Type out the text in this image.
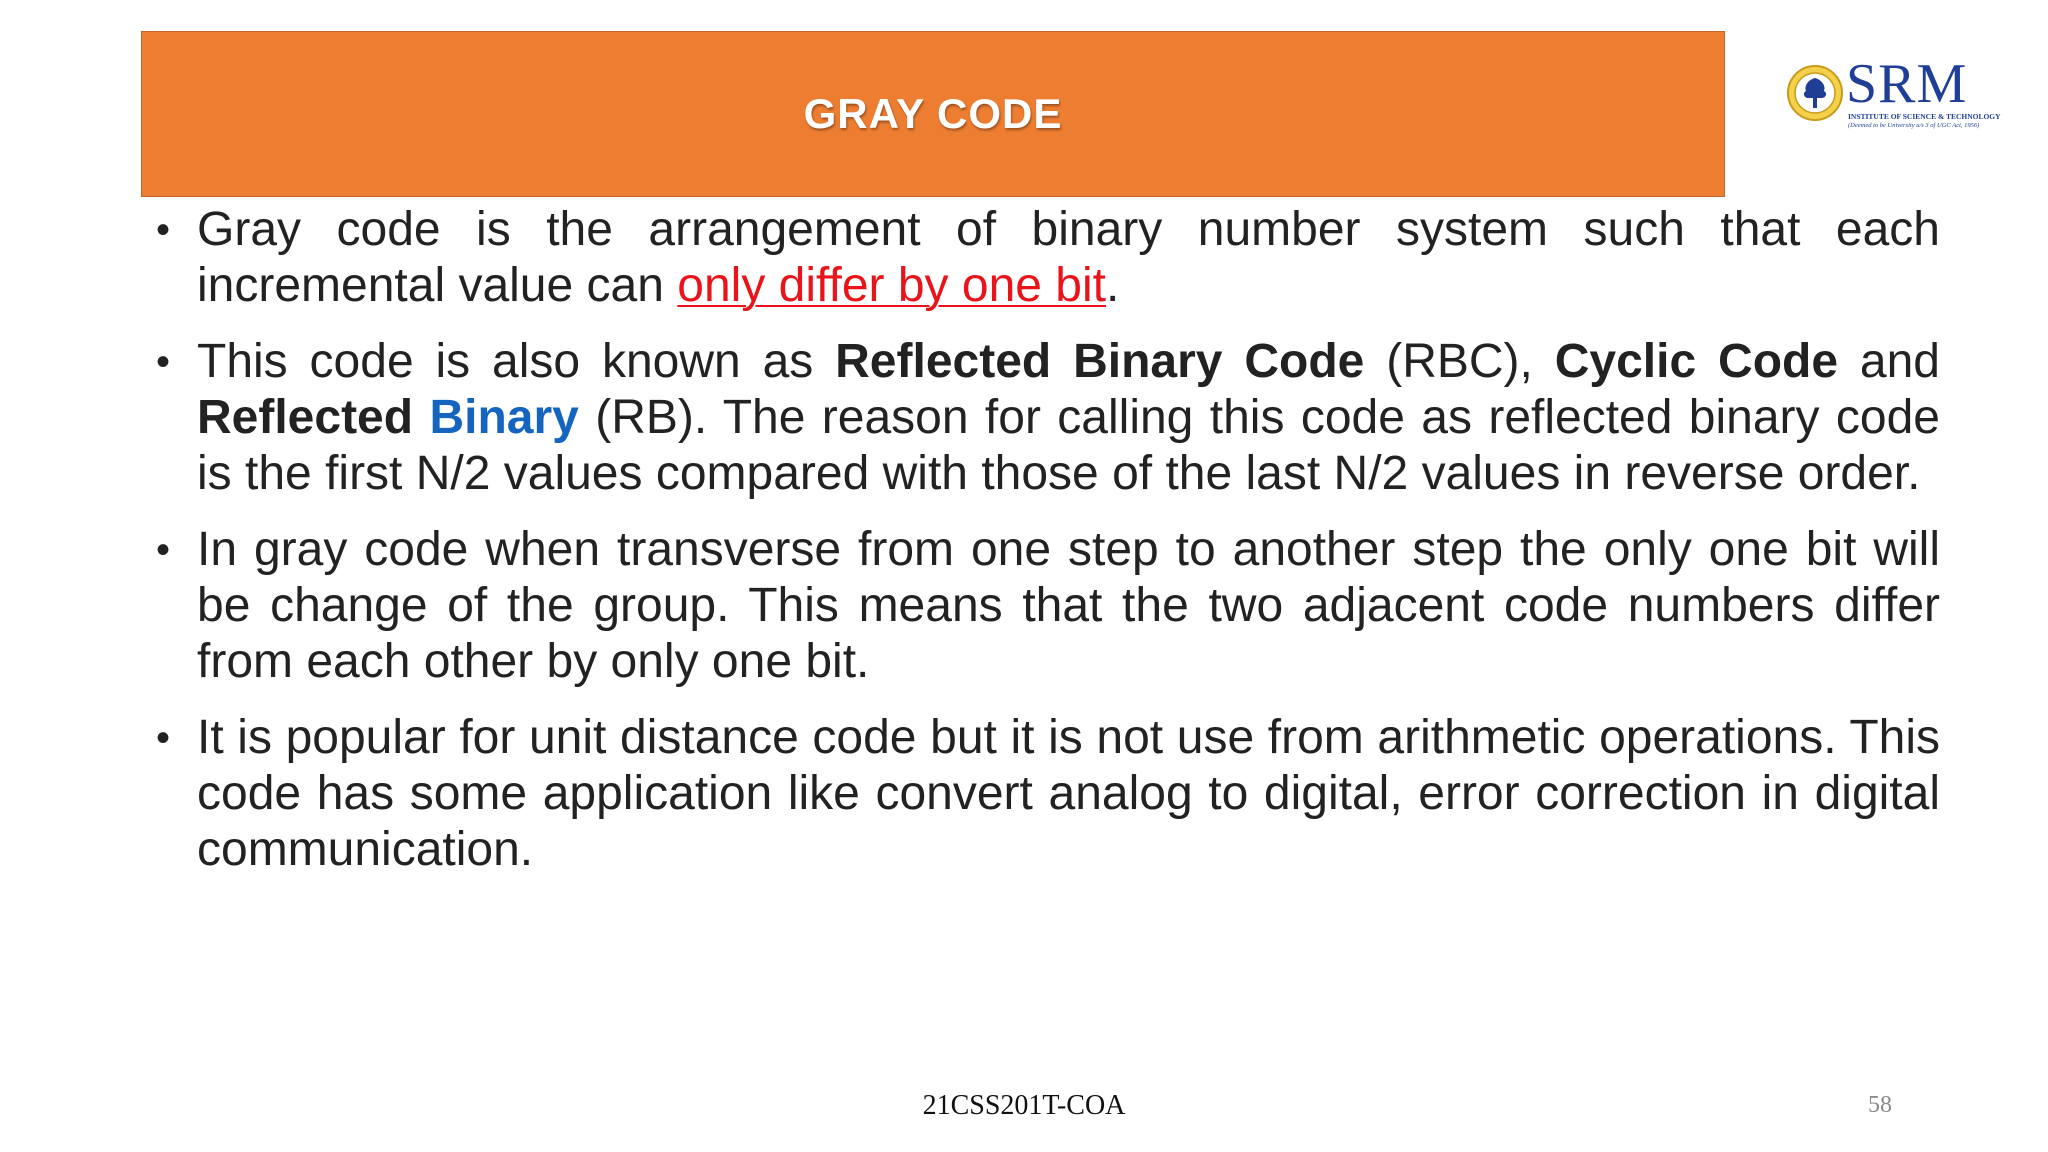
GRAY CODE	SRM
INSTITUTE OF SCIENCE & TECHNOLOGY
(Deemed to be University u/s 3 of UGC Act, 1956)
• Gray code is the arrangement of binary number system such that each incremental value can only differ by one bit.
• This code is also known as Reflected Binary Code (RBC), Cyclic Code and Reflected Binary (RB). The reason for calling this code as reflected binary code is the first N/2 values compared with those of the last N/2 values in reverse order.
• In gray code when transverse from one step to another step the only one bit will be change of the group. This means that the two adjacent code numbers differ from each other by only one bit.
• It is popular for unit distance code but it is not use from arithmetic operations. This code has some application like convert analog to digital, error correction in digital communication.
21CSS201T-COA	58
